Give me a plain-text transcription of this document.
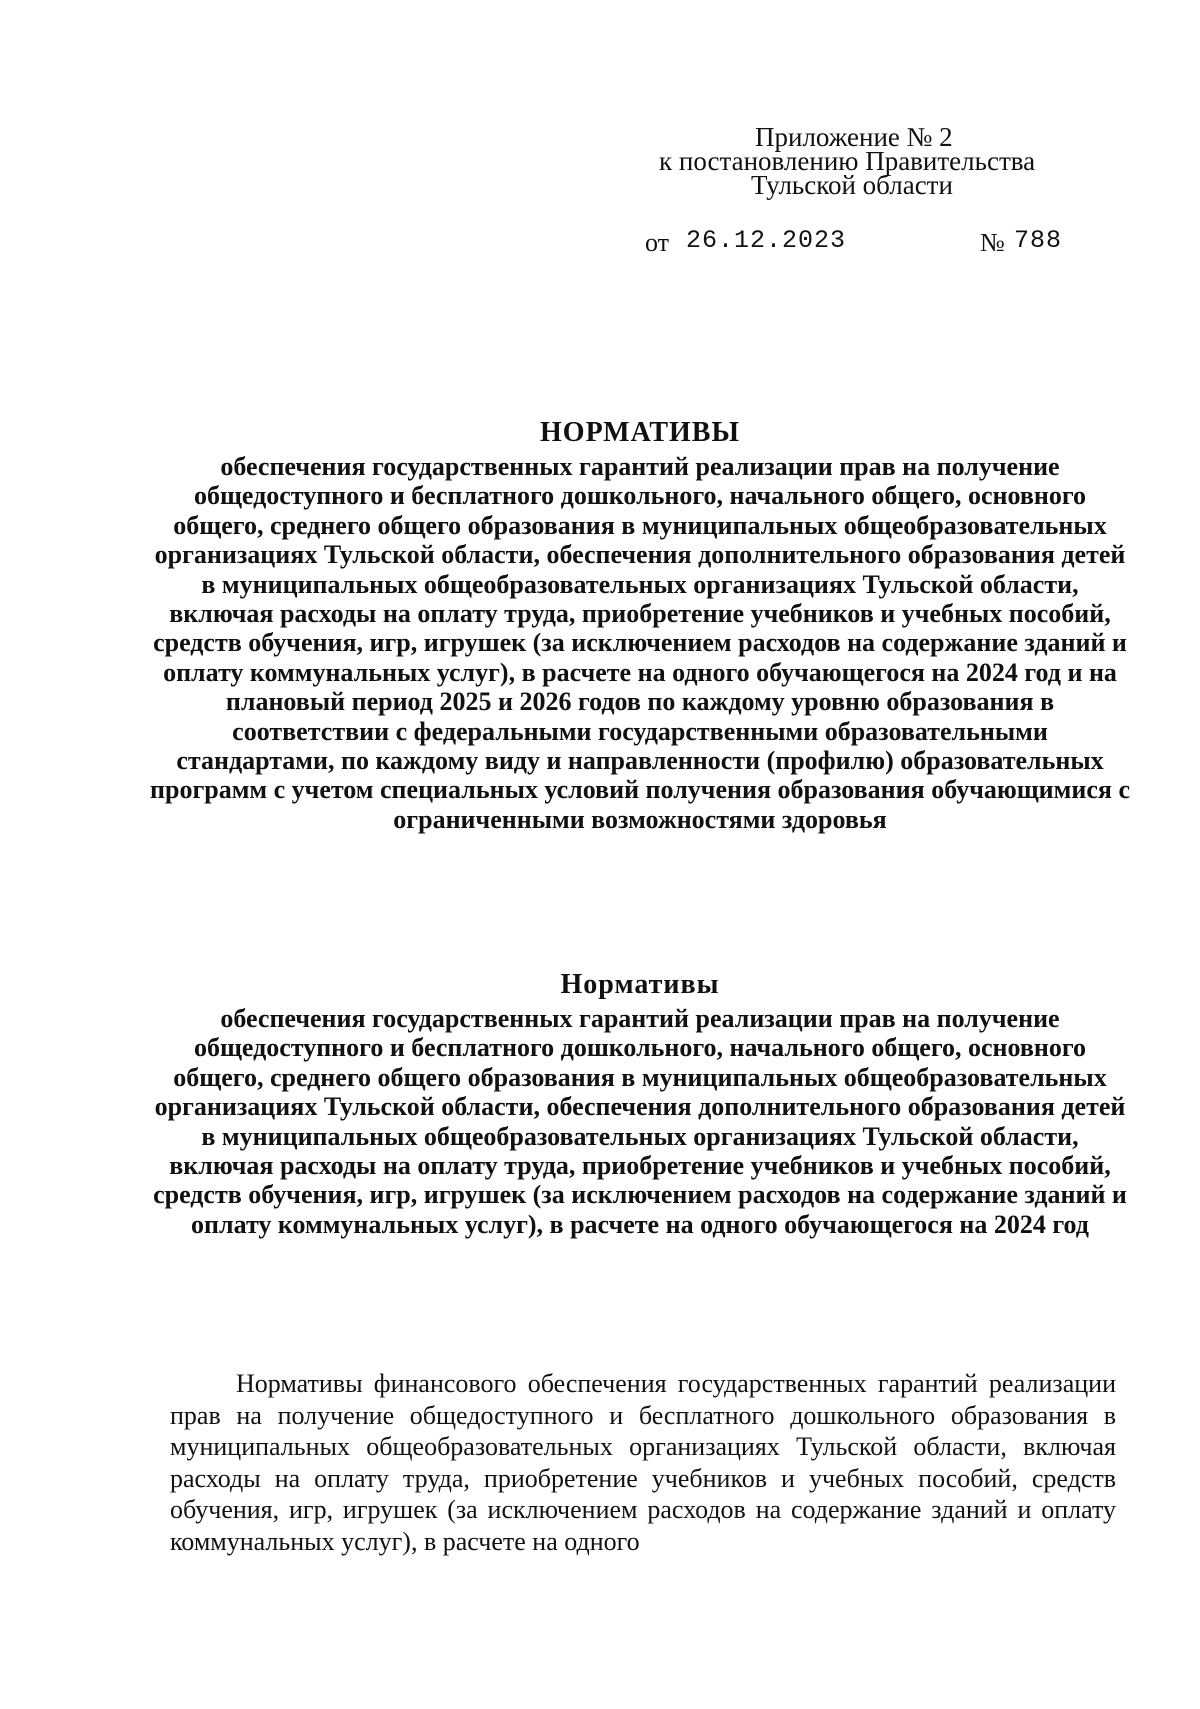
Приложение № 2
к постановлению Правительства
Тульской области
от 26.12.2023	№ 788
НОРМАТИВЫ
обеспечения государственных гарантий реализации прав на получение общедоступного и бесплатного дошкольного, начального общего, основного общего, среднего общего образования в муниципальных общеобразовательных организациях Тульской области, обеспечения дополнительного образования детей в муниципальных общеобразовательных организациях Тульской области, включая расходы на оплату труда, приобретение учебников и учебных пособий, средств обучения, игр, игрушек (за исключением расходов на содержание зданий и оплату коммунальных услуг), в расчете на одного обучающегося на 2024 год и на плановый период 2025 и 2026 годов по каждому уровню образования в соответствии с федеральными государственными образовательными стандартами, по каждому виду и направленности (профилю) образовательных программ с учетом специальных условий получения образования обучающимися с ограниченными возможностями здоровья
Нормативы
обеспечения государственных гарантий реализации прав на получение общедоступного и бесплатного дошкольного, начального общего, основного общего, среднего общего образования в муниципальных общеобразовательных организациях Тульской области, обеспечения дополнительного образования детей в муниципальных общеобразовательных организациях Тульской области, включая расходы на оплату труда, приобретение учебников и учебных пособий, средств обучения, игр, игрушек (за исключением расходов на содержание зданий и оплату коммунальных услуг), в расчете на одного обучающегося на 2024 год
Нормативы финансового обеспечения государственных гарантий реализации прав на получение общедоступного и бесплатного дошкольного образования в муниципальных общеобразовательных организациях Тульской области, включая расходы на оплату труда, приобретение учебников и учебных пособий, средств обучения, игр, игрушек (за исключением расходов на содержание зданий и оплату коммунальных услуг), в расчете на одного
